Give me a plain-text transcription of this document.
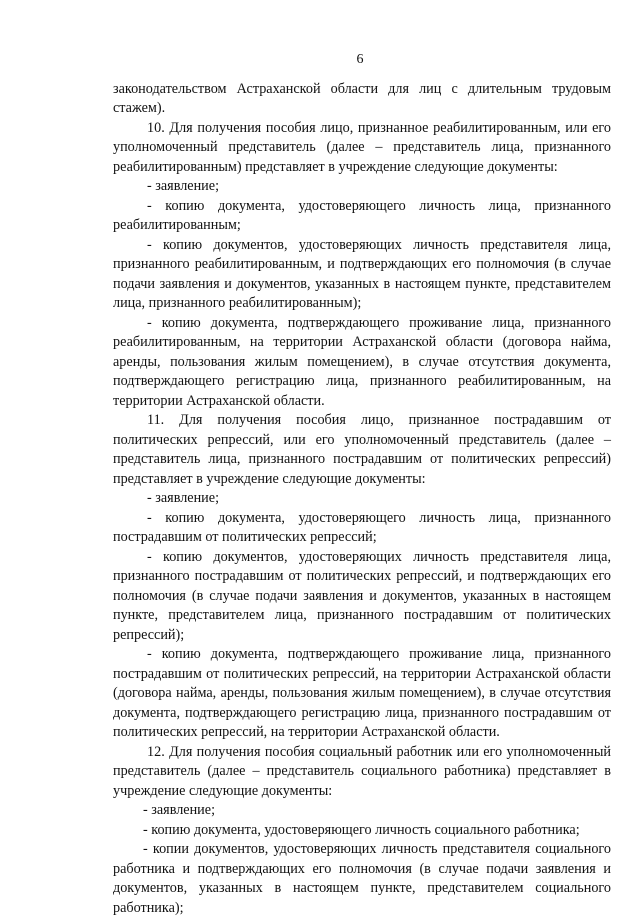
6

законодательством Астраханской области для лиц с длительным трудовым стажем).

10. Для получения пособия лицо, признанное реабилитированным, или его уполномоченный представитель (далее – представитель лица, признанного реабилитированным) представляет в учреждение следующие документы:

- заявление;

- копию документа, удостоверяющего личность лица, признанного реабилитированным;

- копию документов, удостоверяющих личность представителя лица, признанного реабилитированным, и подтверждающих его полномочия (в случае подачи заявления и документов, указанных в настоящем пункте, представителем лица, признанного реабилитированным);

- копию документа, подтверждающего проживание лица, признанного реабилитированным, на территории Астраханской области (договора найма, аренды, пользования жилым помещением), в случае отсутствия документа, подтверждающего регистрацию лица, признанного реабилитированным, на территории Астраханской области.

11. Для получения пособия лицо, признанное пострадавшим от политических репрессий, или его уполномоченный представитель (далее – представитель лица, признанного пострадавшим от политических репрессий) представляет в учреждение следующие документы:

- заявление;

- копию документа, удостоверяющего личность лица, признанного пострадавшим от политических репрессий;

- копию документов, удостоверяющих личность представителя лица, признанного пострадавшим от политических репрессий, и подтверждающих его полномочия (в случае подачи заявления и документов, указанных в настоящем пункте, представителем лица, признанного пострадавшим от политических репрессий);

- копию документа, подтверждающего проживание лица, признанного пострадавшим от политических репрессий, на территории Астраханской области (договора найма, аренды, пользования жилым помещением), в случае отсутствия документа, подтверждающего регистрацию лица, признанного пострадавшим от политических репрессий, на территории Астраханской области.

12. Для получения пособия социальный работник или его уполномоченный представитель (далее – представитель социального работника) представляет в учреждение следующие документы:

- заявление;

- копию документа, удостоверяющего личность социального работника;

- копии документов, удостоверяющих личность представителя социального работника и подтверждающих его полномочия (в случае подачи заявления и документов, указанных в настоящем пункте, представителем социального работника);
